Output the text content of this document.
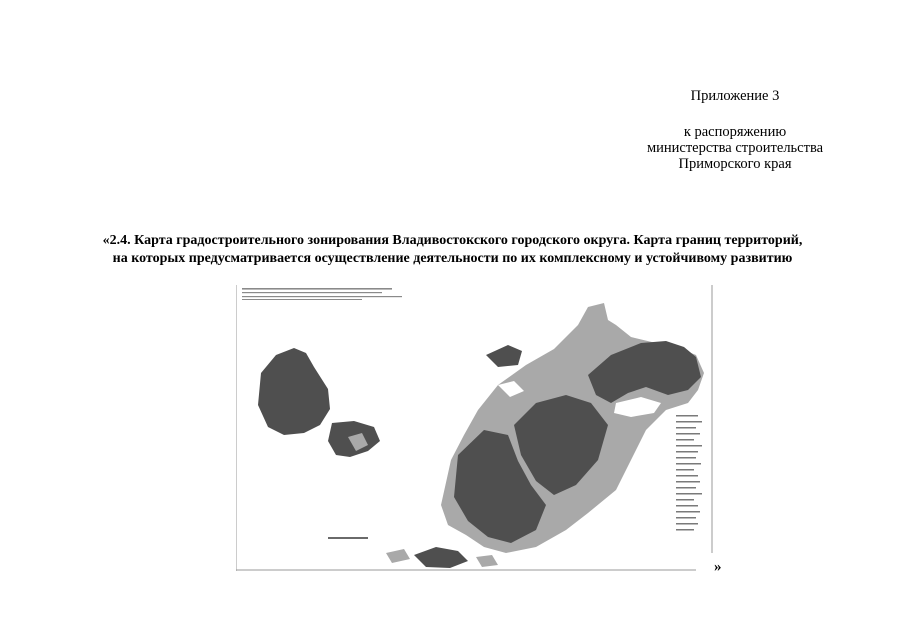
Приложение 3
к распоряжению
министерства строительства
Приморского края
«2.4. Карта градостроительного зонирования Владивостокского городского округа. Карта границ территорий,
на которых предусматривается осуществление деятельности по их комплексному и устойчивому развитию
»
